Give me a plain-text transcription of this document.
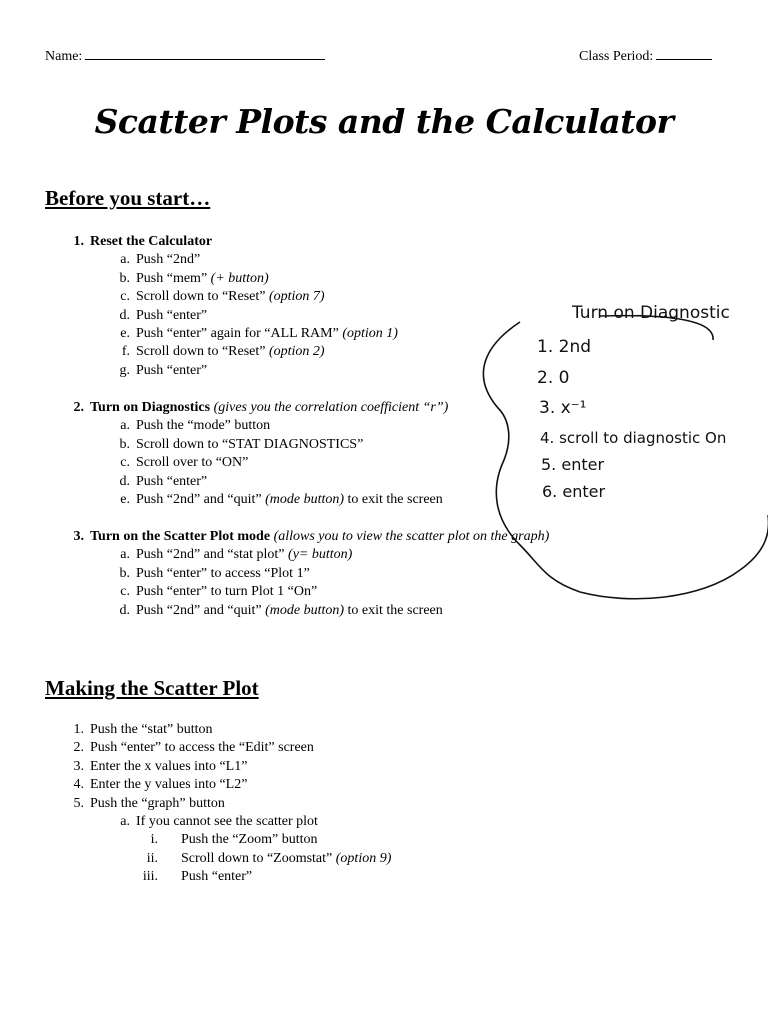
Name:	Class Period:
Scatter Plots and the Calculator
Before you start…
1. Reset the Calculator
a. Push “2nd”
b. Push “mem” (+ button)
c. Scroll down to “Reset” (option 7)
d. Push “enter”
e. Push “enter” again for “ALL RAM” (option 1)
f. Scroll down to “Reset” (option 2)
g. Push “enter”
2. Turn on Diagnostics (gives you the correlation coefficient “r”)
a. Push the “mode” button
b. Scroll down to “STAT DIAGNOSTICS”
c. Scroll over to “ON”
d. Push “enter”
e. Push “2nd” and “quit” (mode button) to exit the screen
3. Turn on the Scatter Plot mode (allows you to view the scatter plot on the graph)
a. Push “2nd” and “stat plot” (y= button)
b. Push “enter” to access “Plot 1”
c. Push “enter” to turn Plot 1 “On”
d. Push “2nd” and “quit” (mode button) to exit the screen
Making the Scatter Plot
1. Push the “stat” button
2. Push “enter” to access the “Edit” screen
3. Enter the x values into “L1”
4. Enter the y values into “L2”
5. Push the “graph” button
a. If you cannot see the scatter plot
i. Push the “Zoom” button
ii. Scroll down to “Zoomstat” (option 9)
iii. Push “enter”
Turn on Diagnostic
1. 2nd
2. 0
3. x⁻¹
4. scroll to diagnostic On
5. enter
6. enter
